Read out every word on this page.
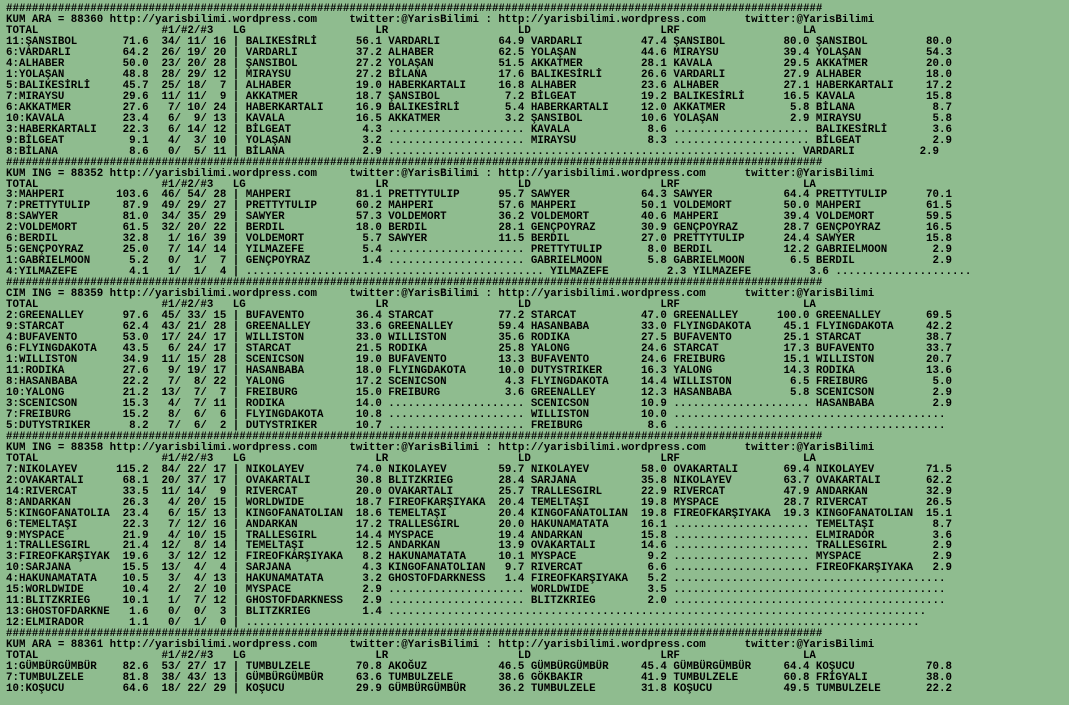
##############################################################################################################################
KUM ARA = 88360 http://yarisbilimi.wordpress.com     twitter:@YarisBilimi : http://yarisbilimi.wordpress.com      twitter:@YarisBilimi
TOTAL                   #1/#2/#3   LG                    LR                    LD                    LRF                   LA
11:ŞANSIBOL       71.6  34/ 11/ 16 | BALIKESİRLİ      56.1 VARDARLI         64.9 VARDARLI         47.4 ŞANSIBOL         80.0 ŞANSIBOL         80.0
6:VARDARLI        64.2  26/ 19/ 20 | VARDARLI         37.2 ALHABER          62.5 YOLAŞAN          44.6 MIRAYSU          39.4 YOLAŞAN          54.3
4:ALHABER         50.0  23/ 20/ 28 | ŞANSIBOL         27.2 YOLAŞAN          51.5 AKKATMER         28.1 KAVALA           29.5 AKKATMER         20.0
1:YOLAŞAN         48.8  28/ 29/ 12 | MIRAYSU          27.2 BİLANA           17.6 BALIKESİRLİ      26.6 VARDARLI         27.9 ALHABER          18.0
5:BALIKESİRLİ     45.7  25/ 18/  7 | ALHABER          19.0 HABERKARTALI     16.8 ALHABER          23.6 ALHABER          27.1 HABERKARTALI     17.2
7:MIRAYSU         29.6  11/ 11/  9 | AKKATMER         18.7 ŞANSIBOL          7.2 BİLGEAT          19.2 BALIKESİRLİ      16.5 KAVALA           15.8
6:AKKATMER        27.6   7/ 10/ 24 | HABERKARTALI     16.9 BALIKESİRLİ       5.4 HABERKARTALI     12.0 AKKATMER          5.8 BİLANA            8.7
10:KAVALA         23.4   6/  9/ 13 | KAVALA           16.5 AKKATMER          3.2 ŞANSIBOL         10.6 YOLAŞAN           2.9 MIRAYSU           5.8
3:HABERKARTALI    22.3   6/ 14/ 12 | BİLGEAT           4.3 ..................... KAVALA            8.6 ..................... BALIKESİRLİ       3.6
9:BİLGEAT          9.1   4/  3/ 10 | YOLAŞAN           3.2 ..................... MIRAYSU           8.3 ..................... BİLGEAT           2.9
8:BİLANA           8.6   0/  5/ 11 | BİLANA            2.9 ............................................................... VARDARLI          2.9
##############################################################################################################################
KUM ING = 88352 http://yarisbilimi.wordpress.com     twitter:@YarisBilimi : http://yarisbilimi.wordpress.com      twitter:@YarisBilimi
TOTAL                   #1/#2/#3   LG                    LR                    LD                    LRF                   LA
3:MAHPERI        103.6  46/ 54/ 28 | MAHPERI          81.1 PRETTYTULIP      95.7 SAWYER           64.3 SAWYER           64.4 PRETTYTULIP      70.1
7:PRETTYTULIP     87.9  49/ 29/ 27 | PRETTYTULIP      60.2 MAHPERI          57.6 MAHPERI          50.1 VOLDEMORT        50.0 MAHPERI          61.5
8:SAWYER          81.0  34/ 35/ 29 | SAWYER           57.3 VOLDEMORT        36.2 VOLDEMORT        40.6 MAHPERI          39.4 VOLDEMORT        59.5
2:VOLDEMORT       61.5  32/ 20/ 22 | BERDIL           18.0 BERDIL           28.1 GENÇPOYRAZ       30.9 GENÇPOYRAZ       28.7 GENÇPOYRAZ       16.5
6:BERDIL          32.8   1/ 16/ 39 | VOLDEMORT         5.7 SAWYER           11.5 BERDIL           27.0 PRETTYTULIP      24.4 SAWYER           15.8
5:GENÇPOYRAZ      25.0   7/ 14/ 14 | YILMAZEFE         5.4 ..................... PRETTYTULIP       8.0 BERDIL           12.2 GABRIELMOON       2.9
1:GABRIELMOON      5.2   0/  1/  7 | GENÇPOYRAZ        1.4 ..................... GABRIELMOON       5.8 GABRIELMOON       6.5 BERDIL            2.9
4:YILMAZEFE        4.1   1/  1/  4 | .............................................. YILMAZEFE         2.3 YILMAZEFE         3.6 .....................
##############################################################################################################################
CIM ING = 88359 http://yarisbilimi.wordpress.com     twitter:@YarisBilimi : http://yarisbilimi.wordpress.com      twitter:@YarisBilimi
TOTAL                   #1/#2/#3   LG                    LR                    LD                    LRF                   LA
2:GREENALLEY      97.6  45/ 33/ 15 | BUFAVENTO        36.4 STARCAT          77.2 STARCAT          47.0 GREENALLEY      100.0 GREENALLEY       69.5
9:STARCAT         62.4  43/ 21/ 28 | GREENALLEY       33.6 GREENALLEY       59.4 HASANBABA        33.0 FLYINGDAKOTA     45.1 FLYINGDAKOTA     42.2
4:BUFAVENTO       53.0  17/ 24/ 17 | WILLISTON        33.0 WILLISTON        35.6 RODIKA           27.5 BUFAVENTO        25.1 STARCAT          38.7
6:FLYINGDAKOTA    43.5   6/ 24/ 17 | STARCAT          21.5 RODIKA           25.8 YALONG           24.6 STARCAT          17.3 BUFAVENTO        33.7
1:WILLISTON       34.9  11/ 15/ 28 | SCENICSON        19.0 BUFAVENTO        13.3 BUFAVENTO        24.6 FREIBURG         15.1 WILLISTON        20.7
11:RODIKA         27.6   9/ 19/ 17 | HASANBABA        18.0 FLYINGDAKOTA     10.0 DUTYSTRIKER      16.3 YALONG           14.3 RODIKA           13.6
8:HASANBABA       22.2   7/  8/ 22 | YALONG           17.2 SCENICSON         4.3 FLYINGDAKOTA     14.4 WILLISTON         6.5 FREIBURG          5.0
10:YALONG         21.2  13/  7/  7 | FREIBURG         15.0 FREIBURG          3.6 GREENALLEY       12.3 HASANBABA         5.8 SCENICSON         2.9
3:SCENICSON       15.3   4/  7/ 11 | RODIKA           14.0 ..................... SCENICSON        10.9 ..................... HASANBABA         2.9
7:FREIBURG        15.2   8/  6/  6 | FLYINGDAKOTA     10.8 ..................... WILLISTON        10.0 ..........................................
5:DUTYSTRIKER      8.2   7/  6/  2 | DUTYSTRIKER      10.7 ..................... FREIBURG          8.6 ..........................................
##############################################################################################################################
KUM ING = 88358 http://yarisbilimi.wordpress.com     twitter:@YarisBilimi : http://yarisbilimi.wordpress.com      twitter:@YarisBilimi
TOTAL                   #1/#2/#3   LG                    LR                    LD                    LRF                   LA
7:NIKOLAYEV      115.2  84/ 22/ 17 | NIKOLAYEV        74.0 NIKOLAYEV        59.7 NIKOLAYEV        58.0 OVAKARTALI       69.4 NIKOLAYEV        71.5
2:OVAKARTALI      68.1  20/ 37/ 17 | OVAKARTALI       30.8 BLITZKRIEG       28.4 SARJANA          35.8 NIKOLAYEV        63.7 OVAKARTALI       62.2
14:RIVERCAT       33.5  11/ 14/  9 | RIVERCAT         20.0 OVAKARTALI       25.7 TRALLESGIRL      22.9 RIVERCAT         47.9 ANDARKAN         32.9
8:ANDARKAN        26.3   4/ 20/ 15 | WORLDWIDE        18.7 FIREOFKARŞIYAKA  20.4 TEMELTAŞI        19.8 MYSPACE          28.7 RIVERCAT         26.5
5:KINGOFANATOLIA  23.4   6/ 15/ 13 | KINGOFANATOLIAN  18.6 TEMELTAŞI        20.4 KINGOFANATOLIAN  19.8 FIREOFKARŞIYAKA  19.3 KINGOFANATOLIAN  15.1
6:TEMELTAŞI       22.3   7/ 12/ 16 | ANDARKAN         17.2 TRALLESGIRL      20.0 HAKUNAMATATA     16.1 ..................... TEMELTAŞI         8.7
9:MYSPACE         21.9   4/ 10/ 15 | TRALLESGIRL      14.4 MYSPACE          19.4 ANDARKAN         15.8 ..................... ELMIRADOR         3.6
1:TRALLESGIRL     21.4  12/  8/ 14 | TEMELTAŞI        12.5 ANDARKAN         13.9 OVAKARTALI       14.6 ..................... TRALLESGIRL       2.9
3:FIREOFKARŞIYAK  19.6   3/ 12/ 12 | FIREOFKARŞIYAKA   8.2 HAKUNAMATATA     10.1 MYSPACE           9.2 ..................... MYSPACE           2.9
10:SARJANA        15.5  13/  4/  4 | SARJANA           4.3 KINGOFANATOLIAN   9.7 RIVERCAT          6.6 ..................... FIREOFKARŞIYAKA   2.9
4:HAKUNAMATATA    10.5   3/  4/ 13 | HAKUNAMATATA      3.2 GHOSTOFDARKNESS   1.4 FIREOFKARŞIYAKA   5.2 ..........................................
15:WORLDWIDE      10.4   2/  2/ 10 | MYSPACE           2.9 ..................... WORLDWIDE         3.5 ..........................................
11:BLITZKRIEG     10.1   1/  7/ 12 | GHOSTOFDARKNESS   2.9 ..................... BLITZKRIEG        2.0 ..........................................
13:GHOSTOFDARKNE   1.6   0/  0/  3 | BLITZKRIEG        1.4 ...................................................................................
12:ELMIRADOR       1.1   0/  1/  0 | ........................................................................................................
##############################################################################################################################
KUM ARA = 88361 http://yarisbilimi.wordpress.com     twitter:@YarisBilimi : http://yarisbilimi.wordpress.com      twitter:@YarisBilimi
TOTAL                   #1/#2/#3   LG                    LR                    LD                    LRF                   LA
1:GÜMBÜRGÜMBÜR    82.6  53/ 27/ 17 | TUMBULZELE       70.8 AKOĞUZ           46.5 GÜMBÜRGÜMBÜR     45.4 GÜMBÜRGÜMBÜR     64.4 KOŞUCU           70.8
7:TUMBULZELE      81.8  38/ 43/ 13 | GÜMBÜRGÜMBÜR     63.6 TUMBULZELE       38.6 GÖKBAKIR         41.9 TUMBULZELE       60.8 FRİGYALI         38.0
10:KOŞUCU         64.6  18/ 22/ 29 | KOŞUCU           29.9 GÜMBÜRGÜMBÜR     36.2 TUMBULZELE       31.8 KOŞUCU           49.5 TUMBULZELE       22.2
